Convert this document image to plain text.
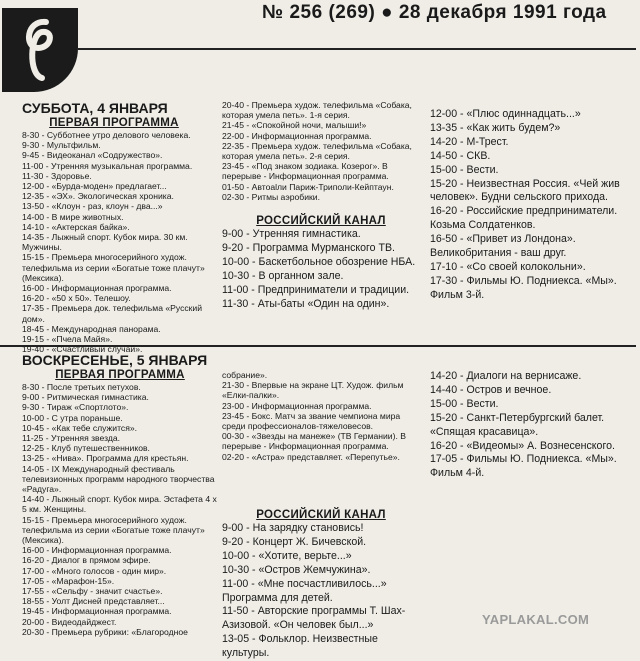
№ 256 (269) ● 28 декабря 1991 года
СУББОТА, 4 ЯНВАРЯ
ПЕРВАЯ ПРОГРАММА

8-30 - Субботнее утро делового человека.

9-30 - Мультфильм.

9-45 - Видеоканал «Содружество».

11-00 - Утренняя музыкальная программа.

11-30 - Здоровье.

12-00 - «Бурда-моден» предлагает...

12-35 - «ЭХ». Экологическая хроника.

13-50 - «Клоун - раз, клоун - два...»

14-00 - В мире животных.

14-10 - «Актерская байка».

14-35 - Лыжный спорт. Кубок мира. 30 км. Мужчины.

15-15 - Премьера многосерийного худож. телефильма из серии «Богатые тоже плачут» (Мексика).

16-00 - Информационная программа.

16-20 - «50 х 50». Телешоу.

17-35 - Премьера док. телефильма «Русский дом».

18-45 - Международная панорама.

19-15 - «Пчела Майя».

19-40 - «Счастливый случай».

20-40 - Премьера худож. телефильма «Собака, которая умела петь». 1-я серия.

21-45 - «Спокойной ночи, малыши!»

22-00 - Информационная программа.

22-35 - Премьера худож. телефильма «Собака, которая умела петь». 2-я серия.

23-45 - «Под знаком зодиака. Козерог». В перерыве - Информационная программа.

01-50 - Автоalли Париж-Триполи-Кейптаун.

02-30 - Ритмы аэробики.

РОССИЙСКИЙ КАНАЛ

9-00 - Утренняя гимнастика.

9-20 - Программа Мурманского ТВ.

10-00 - Баскетбольное обозрение НБА.

10-30 - В органном зале.

11-00 - Предприниматели и традиции.

11-30 - Аты-баты «Один на один».

12-00 - «Плюс одиннадцать...»

13-35 - «Как жить будем?»

14-20 - М-Трест.

14-50 - СКВ.

15-00 - Вести.

15-20 - Неизвестная Россия. «Чей жив человек». Будни сельского прихода.

16-20 - Российские предприниматели. Козьма Солдатенков.

16-50 - «Привет из Лондона». Великобритания - ваш друг.

17-10 - «Со своей колокольни».

17-30 - Фильмы Ю. Подниекса. «Мы». Фильм 3-й.

ВОСКРЕСЕНЬЕ, 5 ЯНВАРЯ
ПЕРВАЯ ПРОГРАММА

8-30 - После третьих петухов.

9-00 - Ритмическая гимнастика.

9-30 - Тираж «Спортлото».

10-00 - С утра пораньше.

10-45 - «Как тебе служится».

11-25 - Утренняя звезда.

12-25 - Клуб путешественников.

13-25 - «Нива». Программа для крестьян.

14-05 - IX Международный фестиваль телевизионных программ народного творчества «Радуга».

14-40 - Лыжный спорт. Кубок мира. Эстафета 4 х 5 км. Женщины.

15-15 - Премьера многосерийного худож. телефильма из серии «Богатые тоже плачут» (Мексика).

16-00 - Информационная программа.

16-20 - Диалог в прямом эфире.

17-00 - «Много голосов - один мир».

17-05 - «Марафон-15».

17-55 - «Сельфу - значит счастье».

18-55 - Уолт Дисней представляет...

19-45 - Информационная программа.

20-00 - Видеодайджест.

20-30 - Премьера рубрики: «Благородное

собрание».

21-30 - Впервые на экране ЦТ. Худож. фильм «Елки-палки».

23-00 - Информационная программа.

23-45 - Бокс. Матч за звание чемпиона мира среди профессионалов-тяжеловесов.

00-30 - «Звезды на манеже» (ТВ Германии). В перерыве - Информационная программа.

02-20 - «Астра» представляет. «Перепутье».

РОССИЙСКИЙ КАНАЛ

9-00 - На зарядку становись!

9-20 - Концерт Ж. Бичевской.

10-00 - «Хотите, верьте...»

10-30 - «Остров Жемчужина».

11-00 - «Мне посчастливилось...» Программа для детей.

11-50 - Авторские программы Т. Шах-Азизовой. «Он человек был...»

13-05 - Фольклор. Неизвестные культуры.

14-20 - Диалоги на вернисаже.

14-40 - Остров и вечное.

15-00 - Вести.

15-20 - Санкт-Петербургский балет. «Спящая красавица».

16-20 - «Видеомы» А. Вознесенского.

17-05 - Фильмы Ю. Подниекса. «Мы». Фильм 4-й.

YAPLAKAL.COM
